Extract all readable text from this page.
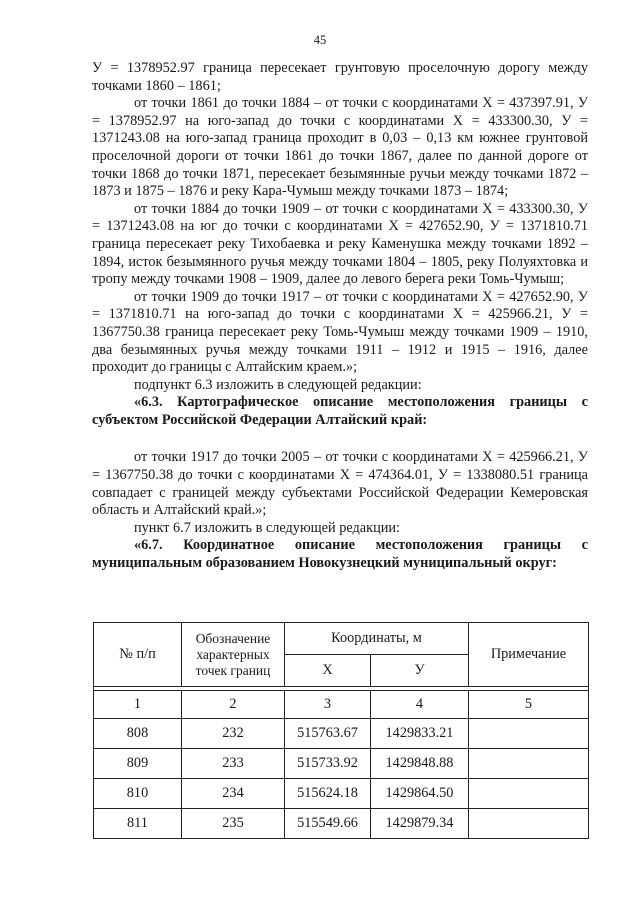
45

У = 1378952.97 граница пересекает грунтовую проселочную дорогу между точками 1860 – 1861;

от точки 1861 до точки 1884 – от точки с координатами X = 437397.91, У = 1378952.97 на юго-запад до точки с координатами X = 433300.30, У = 1371243.08 на юго-запад граница проходит в 0,03 – 0,13 км южнее грунтовой проселочной дороги от точки 1861 до точки 1867, далее по данной дороге от точки 1868 до точки 1871, пересекает безымянные ручьи между точками 1872 – 1873 и 1875 – 1876 и реку Кара-Чумыш между точками 1873 – 1874;

от точки 1884 до точки 1909 – от точки с координатами X = 433300.30, У = 1371243.08 на юг до точки с координатами X = 427652.90, У = 1371810.71 граница пересекает реку Тихобаевка и реку Каменушка между точками 1892 – 1894, исток безымянного ручья между точками 1804 – 1805, реку Полуяхтовка и тропу между точками 1908 – 1909, далее до левого берега реки Томь-Чумыш;

от точки 1909 до точки 1917 – от точки с координатами X = 427652.90, У = 1371810.71 на юго-запад до точки с координатами X = 425966.21, У = 1367750.38 граница пересекает реку Томь-Чумыш между точками 1909 – 1910, два безымянных ручья между точками 1911 – 1912 и 1915 – 1916, далее проходит до границы с Алтайским краем.»;

подпункт 6.3 изложить в следующей редакции:

«6.3. Картографическое описание местоположения границы с субъектом Российской Федерации Алтайский край:

от точки 1917 до точки 2005 – от точки с координатами X = 425966.21, У = 1367750.38 до точки с координатами X = 474364.01, У = 1338080.51 граница совпадает с границей между субъектами Российской Федерации Кемеровская область и Алтайский край.»;

пункт 6.7 изложить в следующей редакции:

«6.7. Координатное описание местоположения границы с муниципальным образованием Новокузнецкий муниципальный округ:

№ п/п	Обозначение характерных точек границ	Координаты, м		Примечание
		X	У	

1	2	3	4	5
808	232	515763.67	1429833.21	
809	233	515733.92	1429848.88	
810	234	515624.18	1429864.50	
811	235	515549.66	1429879.34	
